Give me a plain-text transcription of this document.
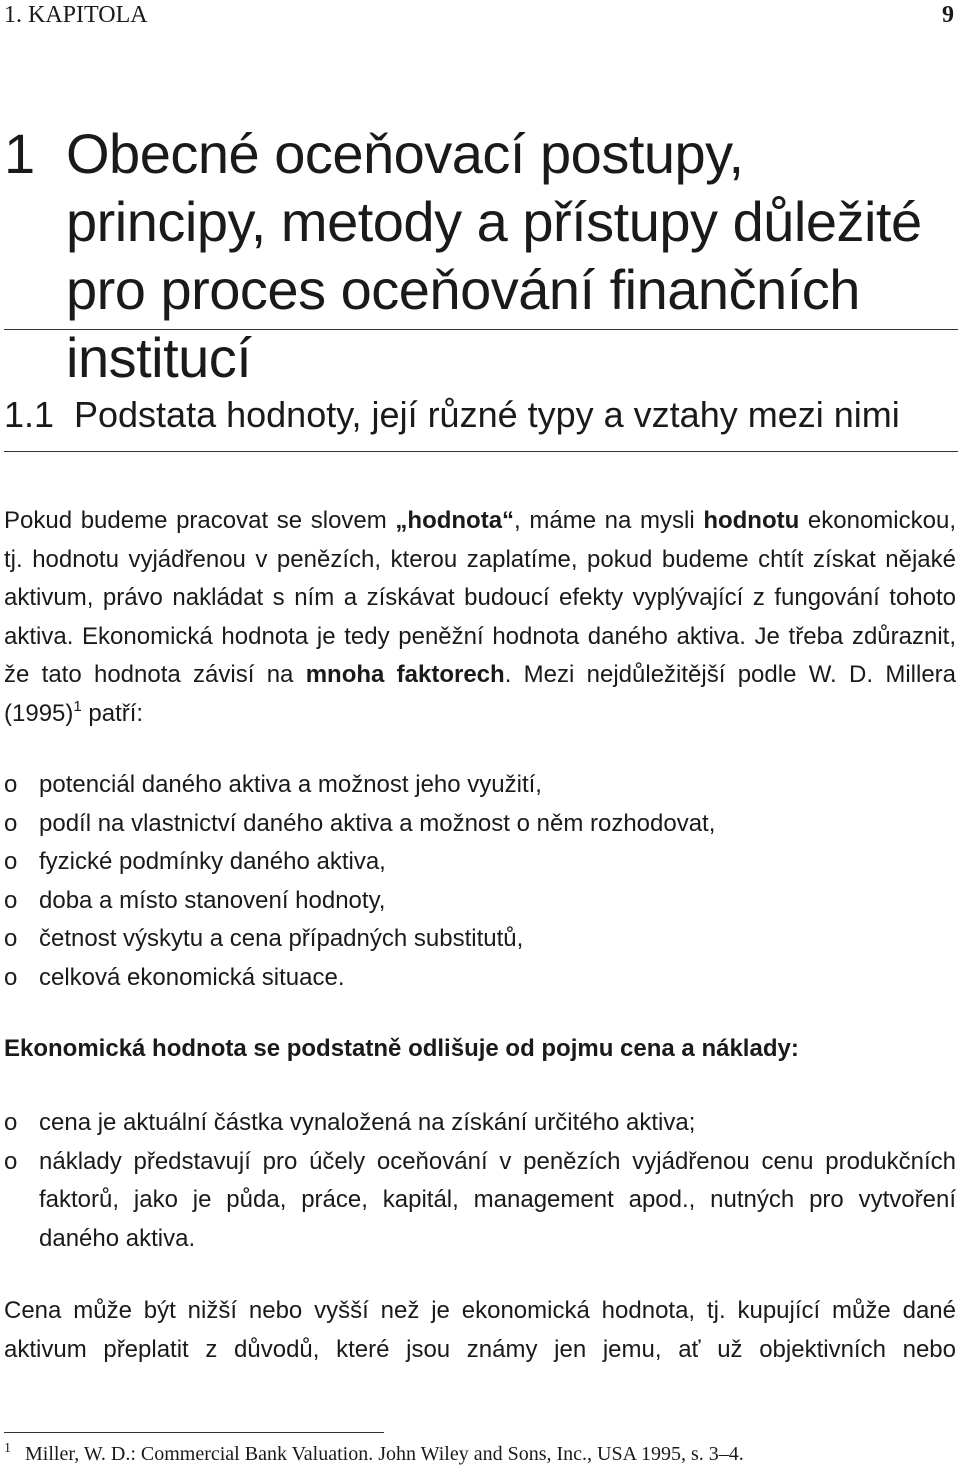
1. KAPITOLA	9
1 Obecné oceňovací postupy, principy, metody a přístupy důležité pro proces oceňování finančních institucí
1.1 Podstata hodnoty, její různé typy a vztahy mezi nimi

Pokud budeme pracovat se slovem „hodnota“, máme na mysli hodnotu ekonomickou, tj. hodnotu vyjádřenou v penězích, kterou zaplatíme, pokud budeme chtít získat nějaké aktivum, právo nakládat s ním a získávat budoucí efekty vyplývající z fungování tohoto aktiva. Ekonomická hodnota je tedy peněžní hodnota daného aktiva. Je třeba zdůraznit, že tato hodnota závisí na mnoha faktorech. Mezi nejdůležitější podle W. D. Millera $(1995)^1$ patří:

o potenciál daného aktiva a možnost jeho využití,
o podíl na vlastnictví daného aktiva a možnost o něm rozhodovat,
o fyzické podmínky daného aktiva,
o doba a místo stanovení hodnoty,
o četnost výskytu a cena případných substitutů,
o celková ekonomická situace.
Ekonomická hodnota se podstatně odlišuje od pojmu cena a náklady:
o cena je aktuální částka vynaložená na získání určitého aktiva;
o náklady představují pro účely oceňování v penězích vyjádřenou cenu produkčních faktorů, jako je půda, práce, kapitál, management apod., nutných pro vytvoření daného aktiva.

Cena může být nižší nebo vyšší než je ekonomická hodnota, tj. kupující může dané aktivum přeplatit z důvodů, které jsou známy jen jemu, ať už objektivních nebo

$^1$ Miller, W. D.: Commercial Bank Valuation. John Wiley and Sons, Inc., USA 1995, s. 3–4.
